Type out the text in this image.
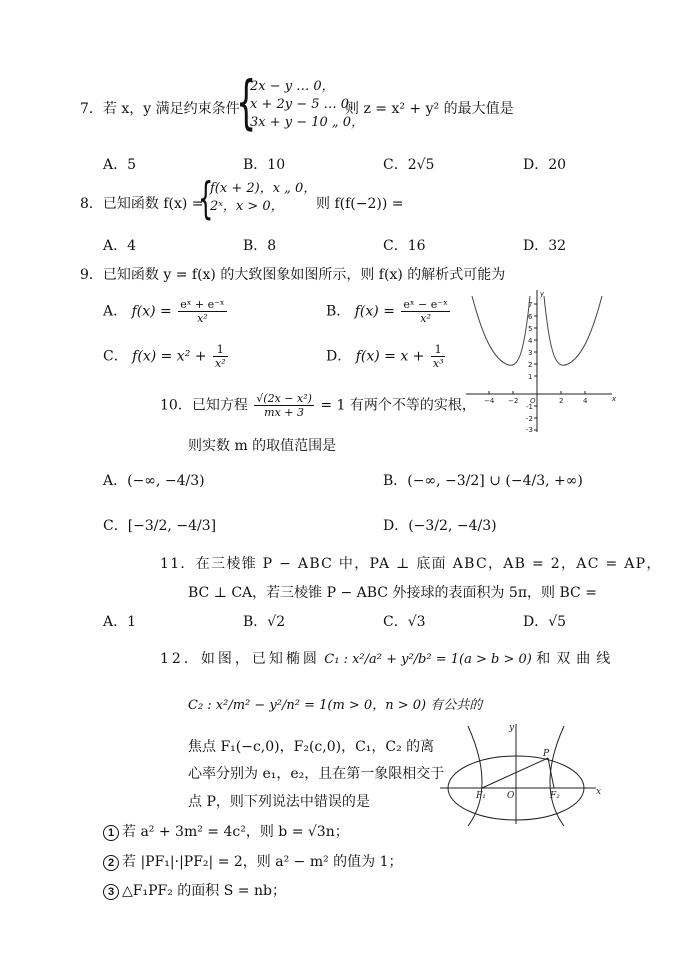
7．若 x，y 满足约束条件
{
2x − y … 0，
x + 2y − 5 … 0，
3x + y − 10 „ 0，
则 z = x² + y² 的最大值是
A．5	B．10	C．2√5	D．20
8．已知函数 f(x) =
{
f(x + 2)，x „ 0，
2ˣ，x > 0，	则 f(f(−2)) =
A．4	B．8	C．16	D．32
9．已知函数 y = f(x) 的大致图象如图所示，则 f(x) 的解析式可能为
A． $f(x) = \frac{\text{eˣ + e⁻ˣ}}{\text{x²}}$	B． $f(x) = \frac{\text{eˣ − e⁻ˣ}}{\text{x²}}$
C． $f(x) = x^2 + \frac{1}{\text{x²}}$	D． $f(x) = x + \frac{1}{\text{x³}}$
y
x
7
6
5
4
3
2
1
-1
-2
-3
−4 −2 O	2	4
10．已知方程 $\frac{\text{√(2x − x²)}}{mx + 3} = 1$ 有两个不等的实根，
则实数 m 的取值范围是
A．(−∞, −4/3)	B．(−∞, −3/2] ∪ (−4/3, +∞)
C．[−3/2, −4/3]	D．(−3/2, −4/3)
11．在三棱锥 P − ABC 中，PA ⊥ 底面 ABC，AB = 2，AC = AP，
BC ⊥ CA，若三棱锥 P − ABC 外接球的表面积为 5π，则 BC =
A．1	B．√2	C．√3	D．√5
12．如图，已知椭圆 C₁ : x²/a² + y²/b² = 1(a > b > 0) 和双曲线
C₂ : x²/m² − y²/n² = 1(m > 0，n > 0) 有公共的
焦点 F₁(−c,0)，F₂(c,0)，C₁，C₂ 的离
心率分别为 e₁，e₂，且在第一象限相交于
点 P，则下列说法中错误的是
1 若 a² + 3m² = 4c²，则 b = √3n；
2 若 |PF₁|·|PF₂| = 2，则 a² − m² 的值为 1；
3 △F₁PF₂ 的面积 S = nb；
y
x
P
O
F₁	F₂
